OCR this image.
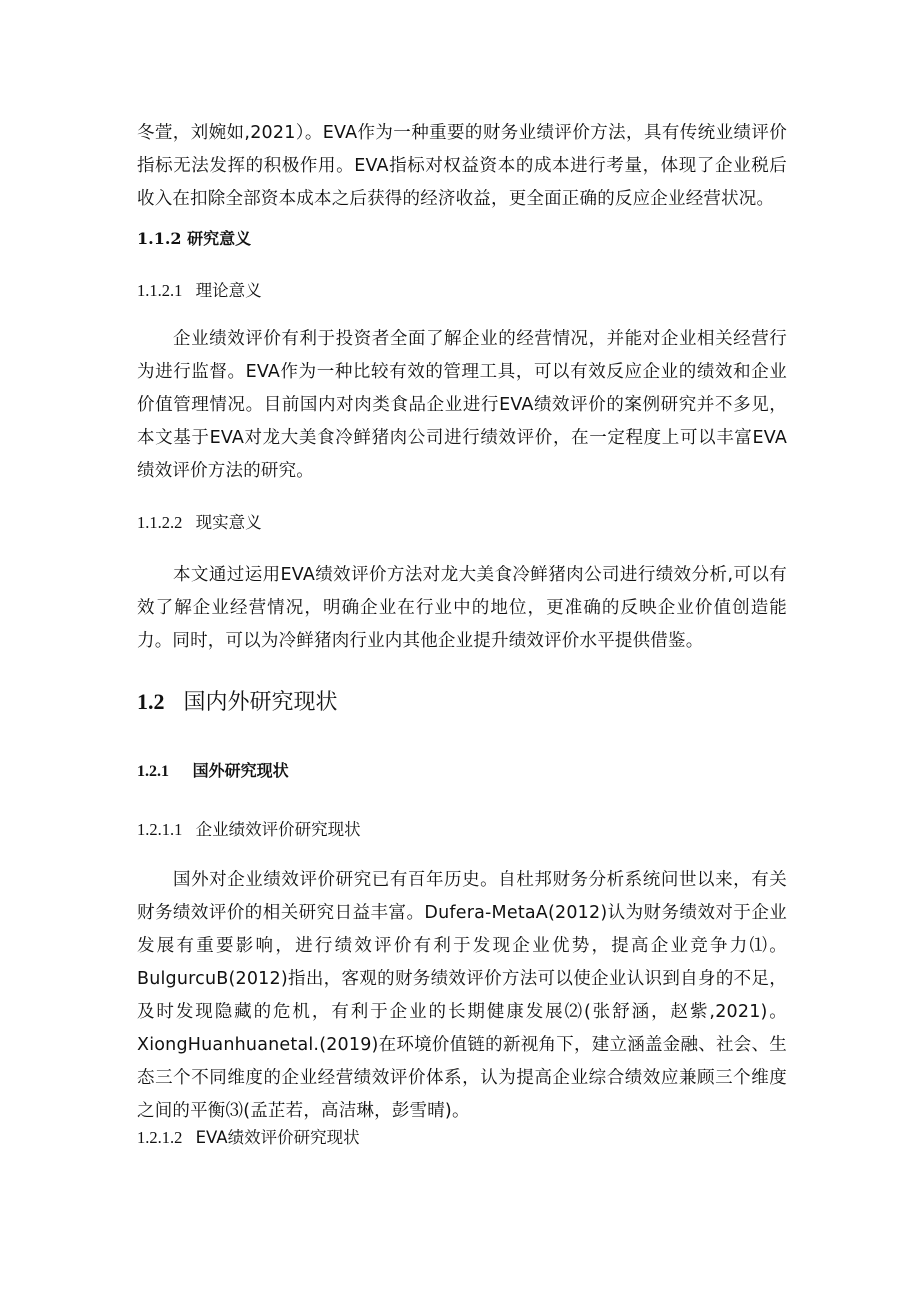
冬萱，刘婉如,2021）。EVA作为一种重要的财务业绩评价方法，具有传统业绩评价指标无法发挥的积极作用。EVA指标对权益资本的成本进行考量，体现了企业税后收入在扣除全部资本成本之后获得的经济收益，更全面正确的反应企业经营状况。

1.1.2 研究意义
1.1.2.1 理论意义

企业绩效评价有利于投资者全面了解企业的经营情况，并能对企业相关经营行为进行监督。EVA作为一种比较有效的管理工具，可以有效反应企业的绩效和企业价值管理情况。目前国内对肉类食品企业进行EVA绩效评价的案例研究并不多见，本文基于EVA对龙大美食冷鲜猪肉公司进行绩效评价，在一定程度上可以丰富EVA绩效评价方法的研究。

1.1.2.2 现实意义

本文通过运用EVA绩效评价方法对龙大美食冷鲜猪肉公司进行绩效分析,可以有效了解企业经营情况，明确企业在行业中的地位，更准确的反映企业价值创造能力。同时，可以为冷鲜猪肉行业内其他企业提升绩效评价水平提供借鉴。

1.2 国内外研究现状
1.2.1 国外研究现状
1.2.1.1 企业绩效评价研究现状

国外对企业绩效评价研究已有百年历史。自杜邦财务分析系统问世以来，有关财务绩效评价的相关研究日益丰富。Dufera-MetaA(2012)认为财务绩效对于企业发展有重要影响，进行绩效评价有利于发现企业优势，提高企业竞争力⑴。BulgurcuB(2012)指出，客观的财务绩效评价方法可以使企业认识到自身的不足，及时发现隐藏的危机，有利于企业的长期健康发展⑵(张舒涵，赵紫,2021)。XiongHuanhuanetal.(2019)在环境价值链的新视角下，建立涵盖金融、社会、生态三个不同维度的企业经营绩效评价体系，认为提高企业综合绩效应兼顾三个维度之间的平衡⑶(孟芷若，高洁琳，彭雪晴)。

1.2.1.2 EVA绩效评价研究现状
